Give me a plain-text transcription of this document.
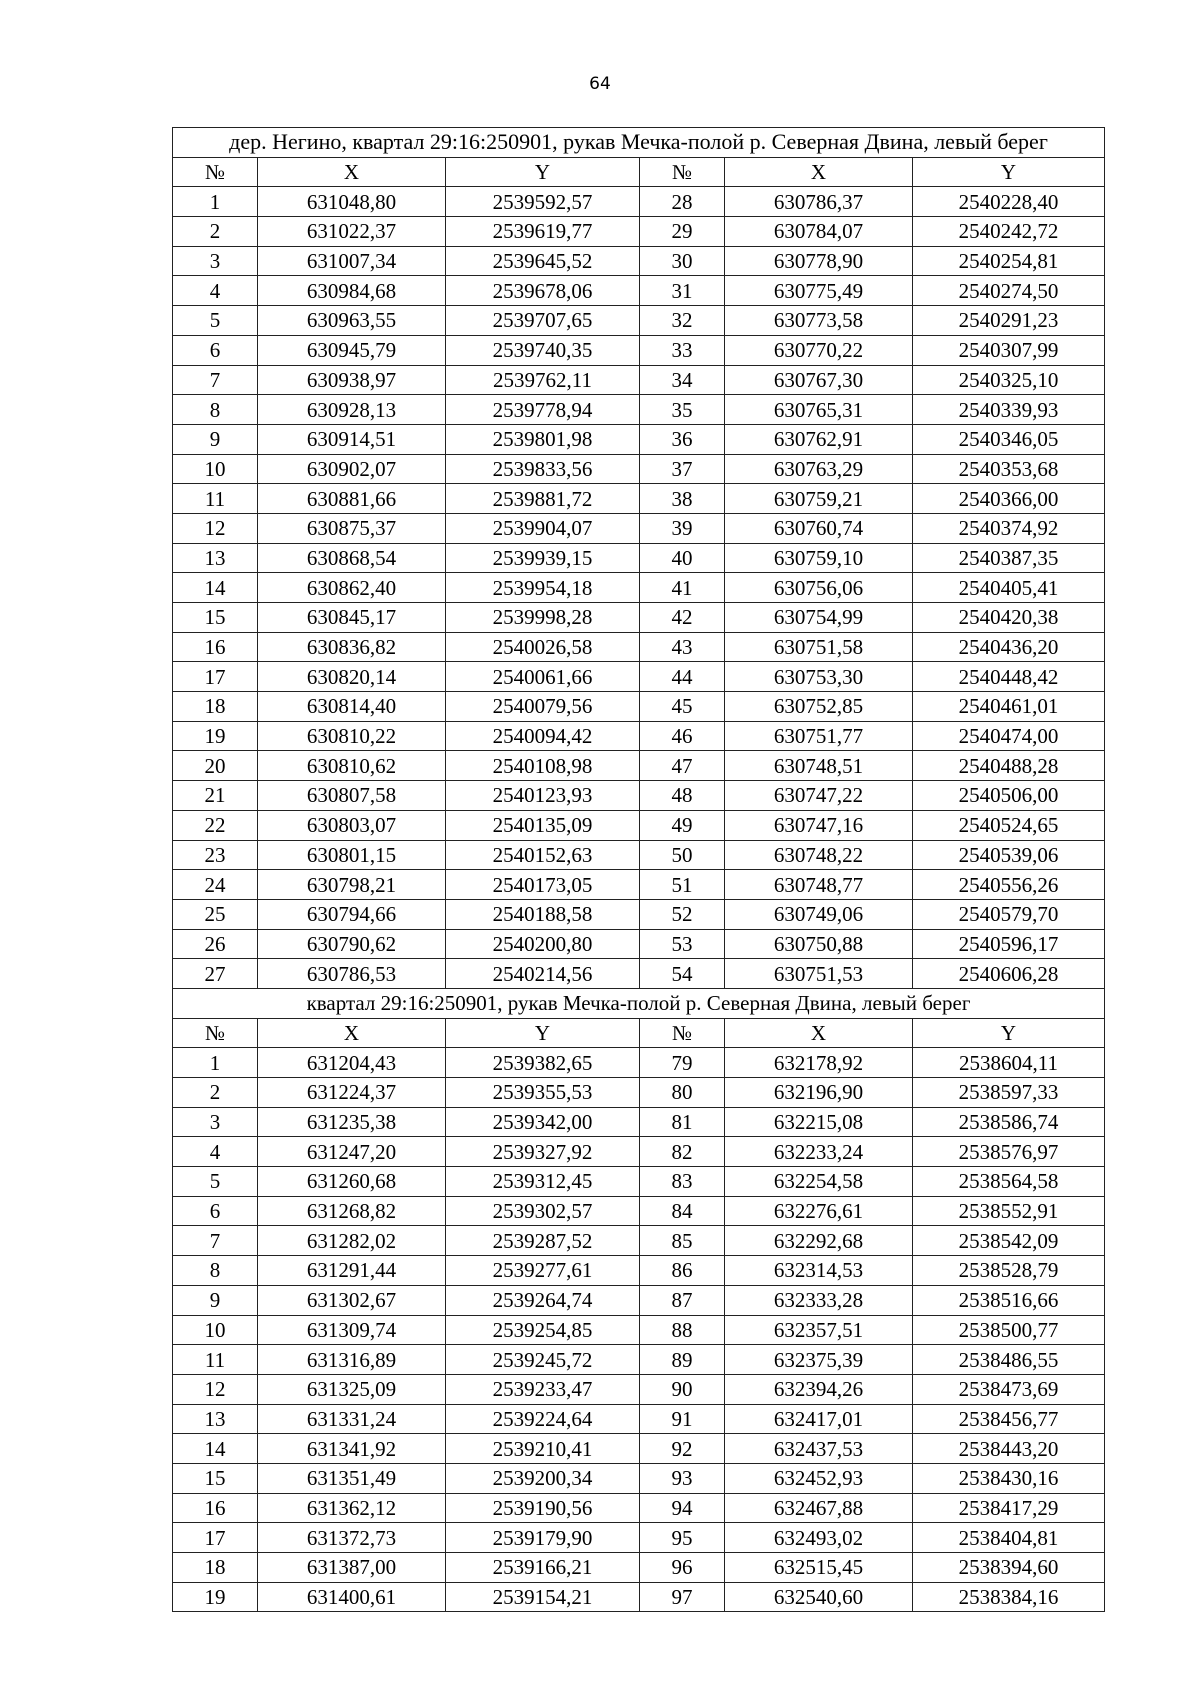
64
дер. Негино, квартал 29:16:250901, рукав Мечка-полой р. Северная Двина, левый берег					
№	X	Y	№	X	Y
1	631048,80	2539592,57	28	630786,37	2540228,40
2	631022,37	2539619,77	29	630784,07	2540242,72
3	631007,34	2539645,52	30	630778,90	2540254,81
4	630984,68	2539678,06	31	630775,49	2540274,50
5	630963,55	2539707,65	32	630773,58	2540291,23
6	630945,79	2539740,35	33	630770,22	2540307,99
7	630938,97	2539762,11	34	630767,30	2540325,10
8	630928,13	2539778,94	35	630765,31	2540339,93
9	630914,51	2539801,98	36	630762,91	2540346,05
10	630902,07	2539833,56	37	630763,29	2540353,68
11	630881,66	2539881,72	38	630759,21	2540366,00
12	630875,37	2539904,07	39	630760,74	2540374,92
13	630868,54	2539939,15	40	630759,10	2540387,35
14	630862,40	2539954,18	41	630756,06	2540405,41
15	630845,17	2539998,28	42	630754,99	2540420,38
16	630836,82	2540026,58	43	630751,58	2540436,20
17	630820,14	2540061,66	44	630753,30	2540448,42
18	630814,40	2540079,56	45	630752,85	2540461,01
19	630810,22	2540094,42	46	630751,77	2540474,00
20	630810,62	2540108,98	47	630748,51	2540488,28
21	630807,58	2540123,93	48	630747,22	2540506,00
22	630803,07	2540135,09	49	630747,16	2540524,65
23	630801,15	2540152,63	50	630748,22	2540539,06
24	630798,21	2540173,05	51	630748,77	2540556,26
25	630794,66	2540188,58	52	630749,06	2540579,70
26	630790,62	2540200,80	53	630750,88	2540596,17
27	630786,53	2540214,56	54	630751,53	2540606,28
квартал 29:16:250901, рукав Мечка-полой р. Северная Двина, левый берег					
№	X	Y	№	X	Y
1	631204,43	2539382,65	79	632178,92	2538604,11
2	631224,37	2539355,53	80	632196,90	2538597,33
3	631235,38	2539342,00	81	632215,08	2538586,74
4	631247,20	2539327,92	82	632233,24	2538576,97
5	631260,68	2539312,45	83	632254,58	2538564,58
6	631268,82	2539302,57	84	632276,61	2538552,91
7	631282,02	2539287,52	85	632292,68	2538542,09
8	631291,44	2539277,61	86	632314,53	2538528,79
9	631302,67	2539264,74	87	632333,28	2538516,66
10	631309,74	2539254,85	88	632357,51	2538500,77
11	631316,89	2539245,72	89	632375,39	2538486,55
12	631325,09	2539233,47	90	632394,26	2538473,69
13	631331,24	2539224,64	91	632417,01	2538456,77
14	631341,92	2539210,41	92	632437,53	2538443,20
15	631351,49	2539200,34	93	632452,93	2538430,16
16	631362,12	2539190,56	94	632467,88	2538417,29
17	631372,73	2539179,90	95	632493,02	2538404,81
18	631387,00	2539166,21	96	632515,45	2538394,60
19	631400,61	2539154,21	97	632540,60	2538384,16
